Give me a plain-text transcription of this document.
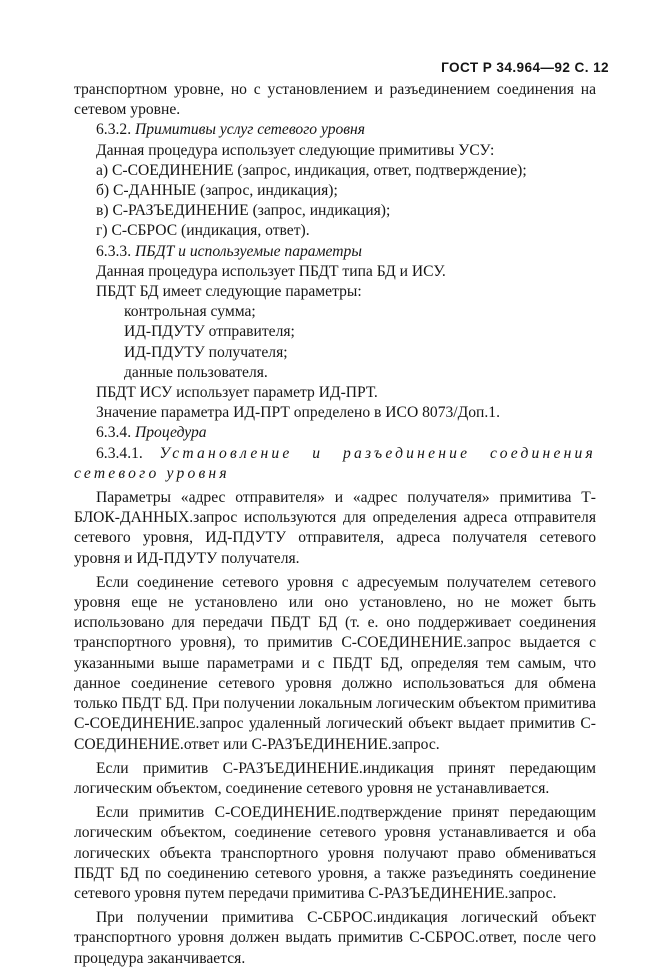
ГОСТ Р 34.964—92 С. 12

транспортном уровне, но с установлением и разъединением соединения на сетевом уровне.

6.3.2. Примитивы услуг сетевого уровня

Данная процедура использует следующие примитивы УСУ:

а) С-СОЕДИНЕНИЕ (запрос, индикация, ответ, подтверждение);

б) С-ДАННЫЕ (запрос, индикация);

в) С-РАЗЪЕДИНЕНИЕ (запрос, индикация);

г) С-СБРОС (индикация, ответ).

6.3.3. ПБДТ и используемые параметры

Данная процедура использует ПБДТ типа БД и ИСУ.

ПБДТ БД имеет следующие параметры:

контрольная сумма;

ИД-ПДУТУ отправителя;

ИД-ПДУТУ получателя;

данные пользователя.

ПБДТ ИСУ использует параметр ИД-ПРТ.

Значение параметра ИД-ПРТ определено в ИСО 8073/Доп.1.

6.3.4. Процедура

6.3.4.1. Установление и разъединение соединения сетевого уровня

Параметры «адрес отправителя» и «адрес получателя» примитива Т-БЛОК-ДАННЫХ.запрос используются для определения адреса отправителя сетевого уровня, ИД-ПДУТУ отправителя, адреса получателя сетевого уровня и ИД-ПДУТУ получателя.

Если соединение сетевого уровня с адресуемым получателем сетевого уровня еще не установлено или оно установлено, но не может быть использовано для передачи ПБДТ БД (т. е. оно поддерживает соединения транспортного уровня), то примитив С-СОЕДИНЕНИЕ.запрос выдается с указанными выше параметрами и с ПБДТ БД, определяя тем самым, что данное соединение сетевого уровня должно использоваться для обмена только ПБДТ БД. При получении локальным логическим объектом примитива С-СОЕДИНЕНИЕ.запрос удаленный логический объект выдает примитив С-СОЕДИНЕНИЕ.ответ или С-РАЗЪЕДИНЕНИЕ.запрос.

Если примитив С-РАЗЪЕДИНЕНИЕ.индикация принят передающим логическим объектом, соединение сетевого уровня не устанавливается.

Если примитив С-СОЕДИНЕНИЕ.подтверждение принят передающим логическим объектом, соединение сетевого уровня устанавливается и оба логических объекта транспортного уровня получают право обмениваться ПБДТ БД по соединению сетевого уровня, а также разъединять соединение сетевого уровня путем передачи примитива С-РАЗЪЕДИНЕНИЕ.запрос.

При получении примитива С-СБРОС.индикация логический объект транспортного уровня должен выдать примитив С-СБРОС.ответ, после чего процедура заканчивается.
